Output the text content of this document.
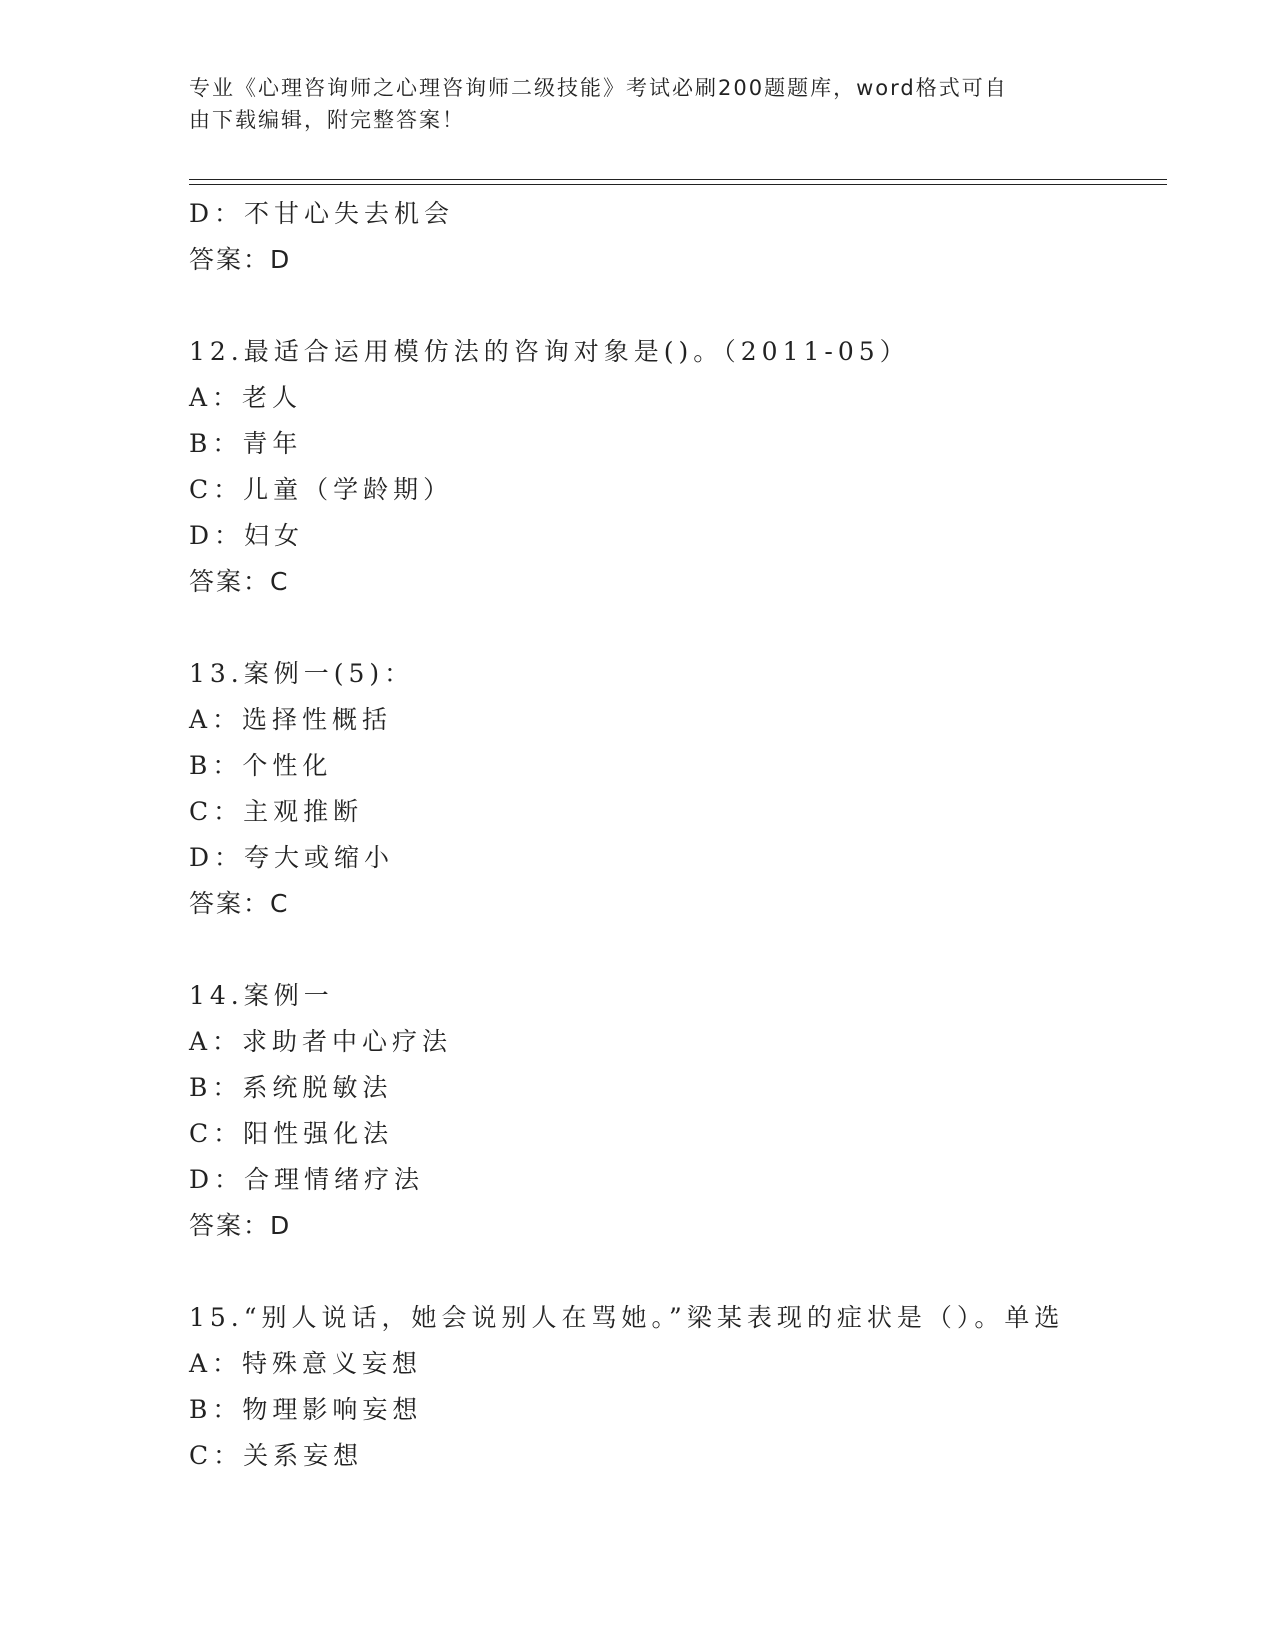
专业《心理咨询师之心理咨询师二级技能》考试必刷200题题库，word格式可自
由下载编辑，附完整答案！
D：不甘心失去机会
答案：D
12.最适合运用模仿法的咨询对象是()。（2011-05）
A：老人
B：青年
C：儿童（学龄期）
D：妇女
答案：C
13.案例一(5)：
A：选择性概括
B：个性化
C：主观推断
D：夸大或缩小
答案：C
14.案例一
A：求助者中心疗法
B：系统脱敏法
C：阳性强化法
D：合理情绪疗法
答案：D
15.“别人说话，她会说别人在骂她。”梁某表现的症状是（）。单选
A：特殊意义妄想
B：物理影响妄想
C：关系妄想
